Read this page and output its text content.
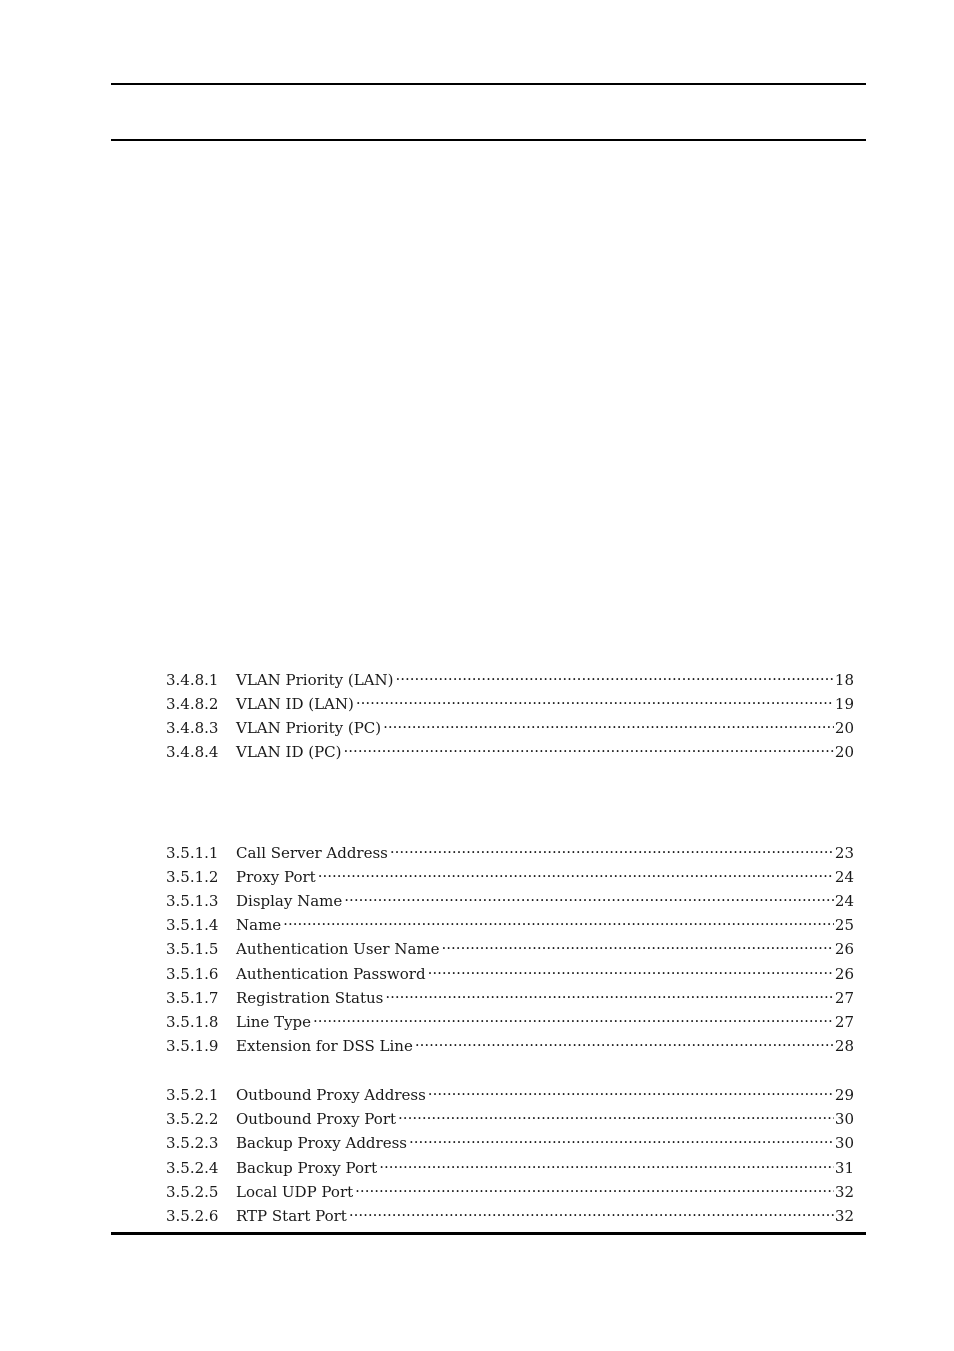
3.4.8.1	VLAN Priority (LAN) .....	18
3.4.8.2	VLAN ID (LAN) .....	19
3.4.8.3	VLAN Priority (PC) .....	20
3.4.8.4	VLAN ID (PC) .....	20
3.5.1.1	Call Server Address .....	23
3.5.1.2	Proxy Port .....	24
3.5.1.3	Display Name .....	24
3.5.1.4	Name .....	25
3.5.1.5	Authentication User Name .....	26
3.5.1.6	Authentication Password .....	26
3.5.1.7	Registration Status .....	27
3.5.1.8	Line Type .....	27
3.5.1.9	Extension for DSS Line .....	28
3.5.2.1	Outbound Proxy Address .....	29
3.5.2.2	Outbound Proxy Port .....	30
3.5.2.3	Backup Proxy Address .....	30
3.5.2.4	Backup Proxy Port .....	31
3.5.2.5	Local UDP Port .....	32
3.5.2.6	RTP Start Port .....	32
